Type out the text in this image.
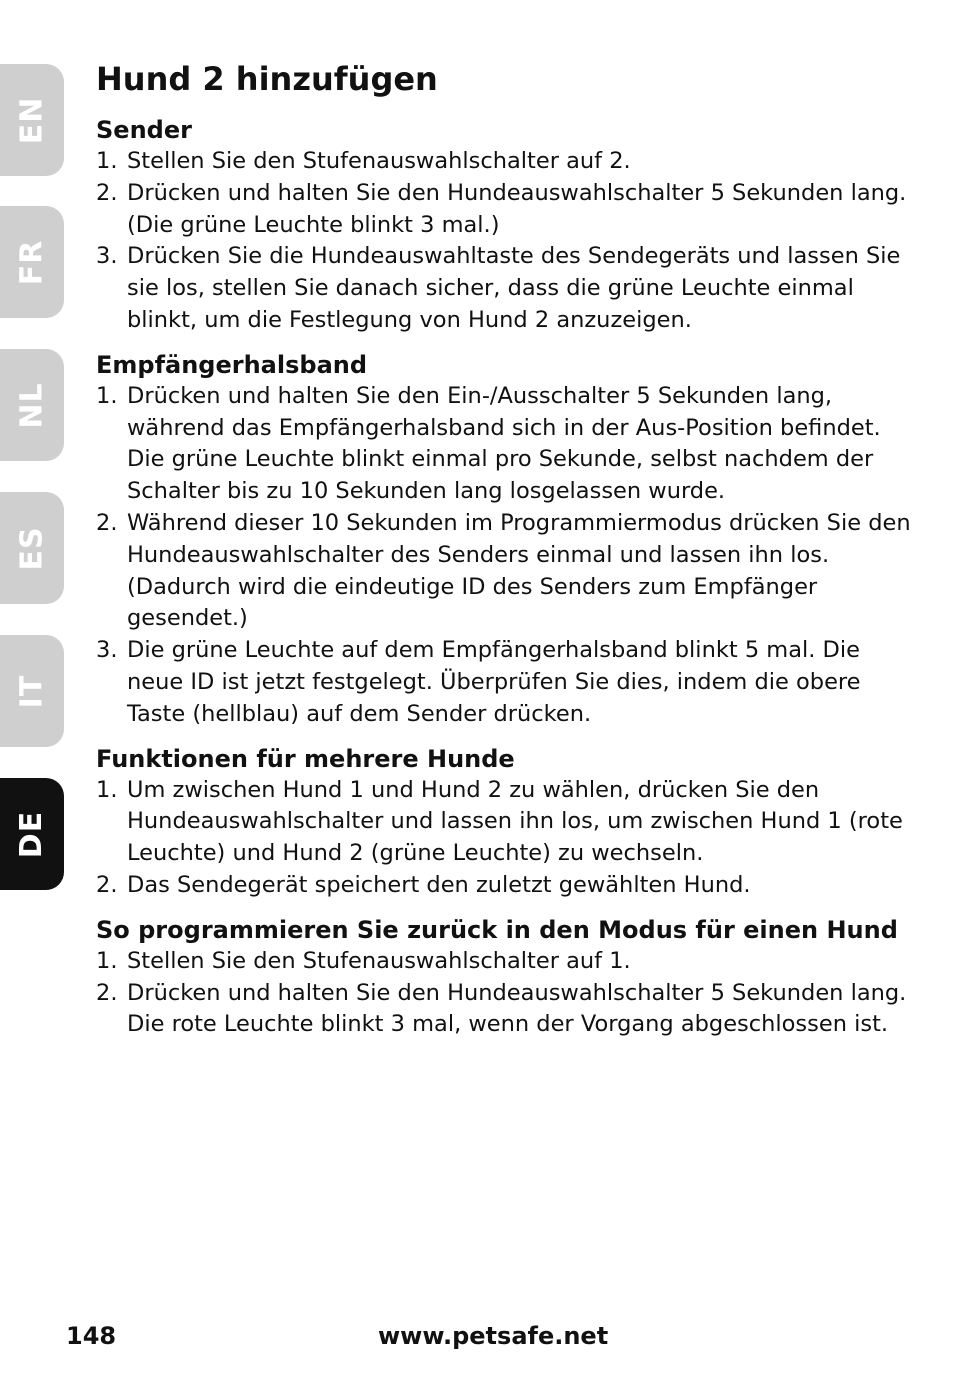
EN
FR
NL
ES
IT
DE
Hund 2 hinzufügen
Sender
1. Stellen Sie den Stufenauswahlschalter auf 2.
2. Drücken und halten Sie den Hundeauswahlschalter 5 Sekunden lang. (Die grüne Leuchte blinkt 3 mal.)
3. Drücken Sie die Hundeauswahltaste des Sendegeräts und lassen Sie sie los, stellen Sie danach sicher, dass die grüne Leuchte einmal blinkt, um die Festlegung von Hund 2 anzuzeigen.
Empfängerhalsband
1. Drücken und halten Sie den Ein-/Ausschalter 5 Sekunden lang, während das Empfängerhalsband sich in der Aus-Position befindet. Die grüne Leuchte blinkt einmal pro Sekunde, selbst nachdem der Schalter bis zu 10 Sekunden lang losgelassen wurde.
2. Während dieser 10 Sekunden im Programmiermodus drücken Sie den Hundeauswahlschalter des Senders einmal und lassen ihn los. (Dadurch wird die eindeutige ID des Senders zum Empfänger gesendet.)
3. Die grüne Leuchte auf dem Empfängerhalsband blinkt 5 mal. Die neue ID ist jetzt festgelegt. Überprüfen Sie dies, indem die obere Taste (hellblau) auf dem Sender drücken.
Funktionen für mehrere Hunde
1. Um zwischen Hund 1 und Hund 2 zu wählen, drücken Sie den Hundeauswahlschalter und lassen ihn los, um zwischen Hund 1 (rote Leuchte) und Hund 2 (grüne Leuchte) zu wechseln.
2. Das Sendegerät speichert den zuletzt gewählten Hund.
So programmieren Sie zurück in den Modus für einen Hund
1. Stellen Sie den Stufenauswahlschalter auf 1.
2. Drücken und halten Sie den Hundeauswahlschalter 5 Sekunden lang. Die rote Leuchte blinkt 3 mal, wenn der Vorgang abgeschlossen ist.
148	www.petsafe.net
